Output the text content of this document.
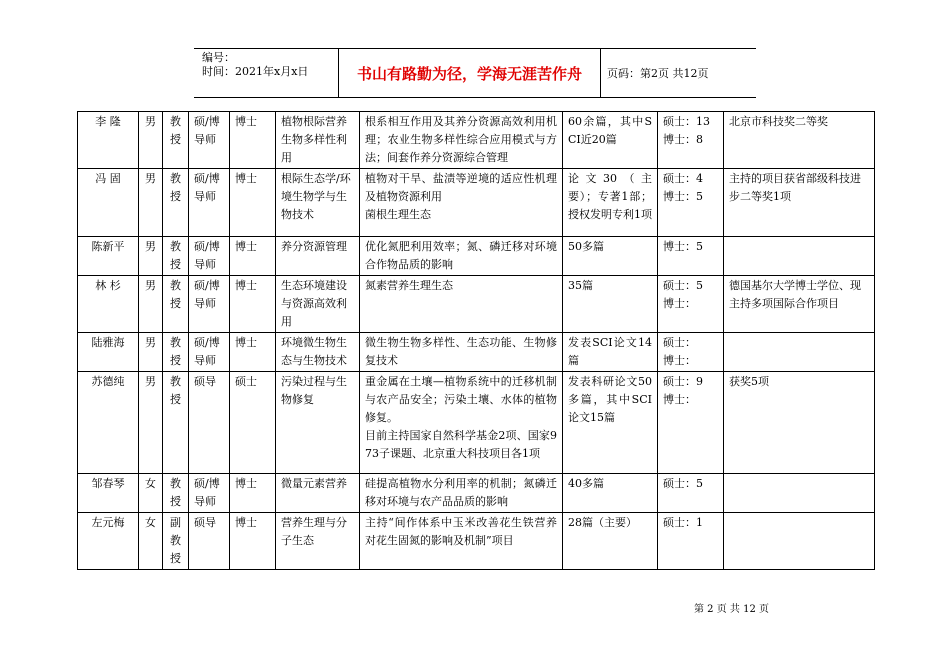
编号：
时间：2021年x月x日	书山有路勤为径，学海无涯苦作舟	页码：第2页 共12页
李 隆	男	教授	硕/博导师	博士	植物根际营养生物多样性利用	根系相互作用及其养分资源高效利用机理；农业生物多样性综合应用模式与方法；间套作养分资源综合管理	60余篇，其中SCI近20篇	硕士：13
博士：8	北京市科技奖二等奖
冯 固	男	教授	硕/博导师	博士	根际生态学/环境生物学与生物技术	植物对干旱、盐渍等逆境的适应性机理及植物资源利用
菌根生理生态	论文30（主要）；专著1部；授权发明专利1项	硕士：4
博士：5	主持的项目获省部级科技进步二等奖1项
陈新平	男	教授	硕/博导师	博士	养分资源管理	优化氮肥利用效率；氮、磷迁移对环境合作物品质的影响	50多篇	博士：5	
林 杉	男	教授	硕/博导师	博士	生态环境建设与资源高效利用	氮素营养生理生态	35篇	硕士：5
博士：	德国基尔大学博士学位、现主持多项国际合作项目
陆雅海	男	教授	硕/博导师	博士	环境微生物生态与生物技术	微生物生物多样性、生态功能、生物修复技术	发表SCI论文14篇	硕士：
博士：	
苏德纯	男	教授	硕导	硕士	污染过程与生物修复	重金属在土壤—植物系统中的迁移机制与农产品安全；污染土壤、水体的植物修复。
目前主持国家自然科学基金2项、国家973子课题、北京重大科技项目各1项	发表科研论文50多篇，其中SCI论文15篇	硕士：9
博士：	获奖5项
邹春琴	女	教授	硕/博导师	博士	微量元素营养	硅提高植物水分利用率的机制；氮磷迁移对环境与农产品品质的影响	40多篇	硕士：5	
左元梅	女	副教授	硕导	博士	营养生理与分子生态	主持“间作体系中玉米改善花生铁营养对花生固氮的影响及机制”项目	28篇（主要）	硕士：1	
第 2 页 共 12 页
